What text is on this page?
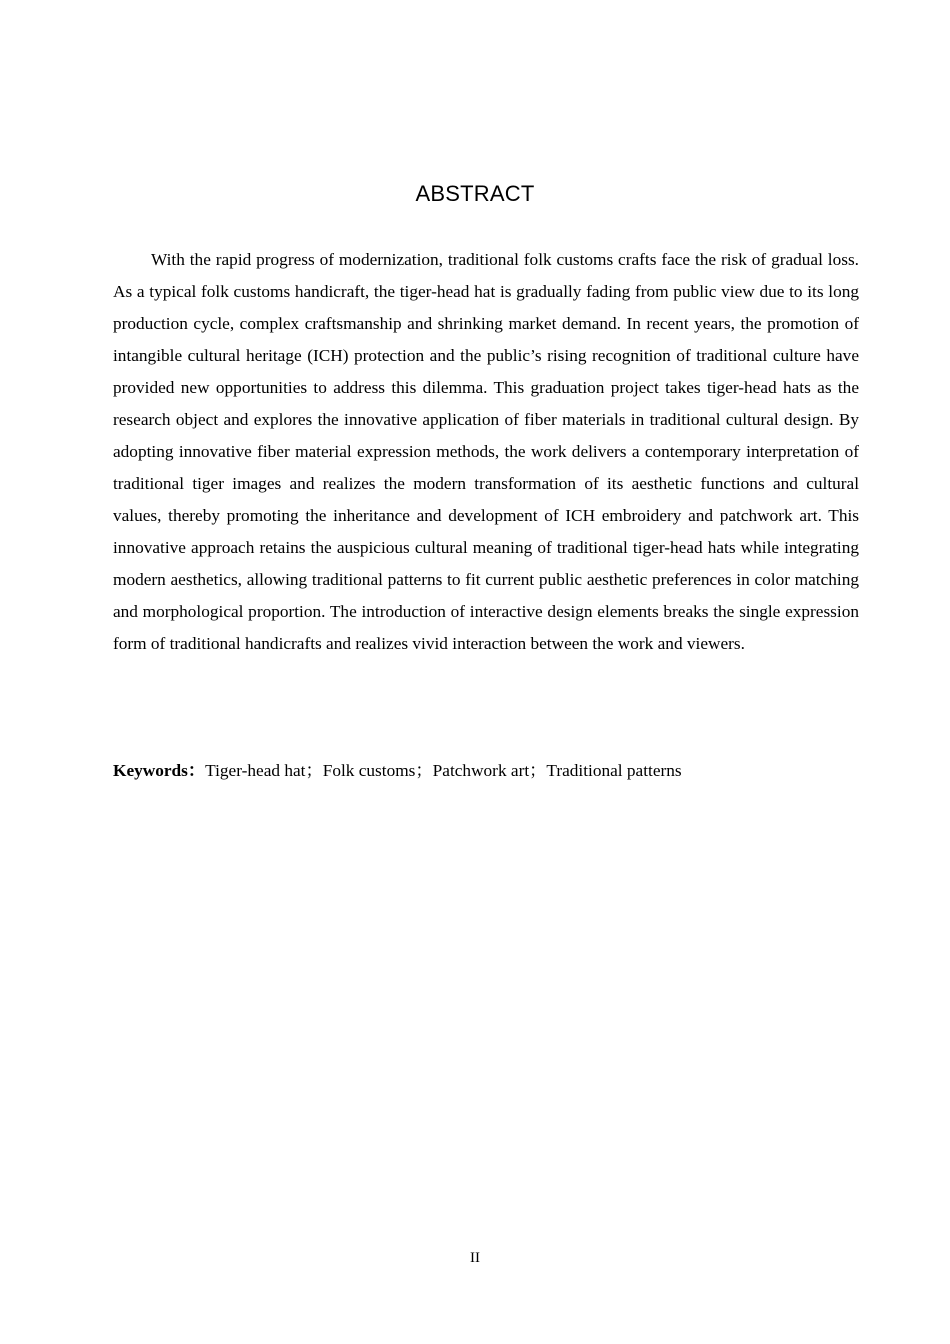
ABSTRACT

With the rapid progress of modernization, traditional folk customs crafts face the risk of gradual loss. As a typical folk customs handicraft, the tiger-head hat is gradually fading from public view due to its long production cycle, complex craftsmanship and shrinking market demand. In recent years, the promotion of intangible cultural heritage (ICH) protection and the public’s rising recognition of traditional culture have provided new opportunities to address this dilemma. This graduation project takes tiger-head hats as the research object and explores the innovative application of fiber materials in traditional cultural design. By adopting innovative fiber material expression methods, the work delivers a contemporary interpretation of traditional tiger images and realizes the modern transformation of its aesthetic functions and cultural values, thereby promoting the inheritance and development of ICH embroidery and patchwork art. This innovative approach retains the auspicious cultural meaning of traditional tiger-head hats while integrating modern aesthetics, allowing traditional patterns to fit current public aesthetic preferences in color matching and morphological proportion. The introduction of interactive design elements breaks the single expression form of traditional handicrafts and realizes vivid interaction between the work and viewers.

Keywords：Tiger-head hat；Folk customs；Patchwork art；Traditional patterns

II
